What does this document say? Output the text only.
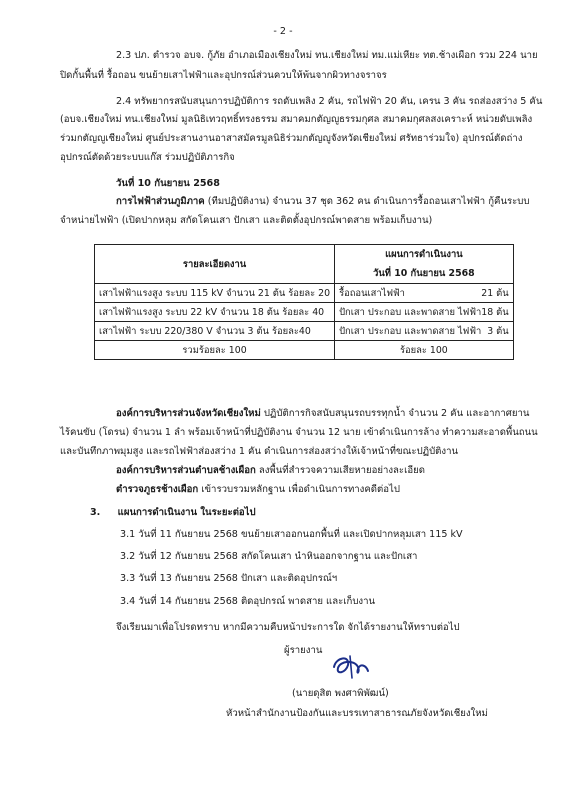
- 2 -
2.3 ปภ. ตำรวจ อบจ. กู้ภัย อำเภอเมืองเชียงใหม่ ทน.เชียงใหม่ ทม.แม่เหียะ ทต.ช้างเผือก รวม 224 นาย
ปิดกั้นพื้นที่ รื้อถอน ขนย้ายเสาไฟฟ้าและอุปกรณ์ส่วนควบให้พ้นจากผิวทางจราจร
2.4 ทรัพยากรสนับสนุนการปฏิบัติการ รถดับเพลิง 2 คัน, รถไฟฟ้า 20 คัน, เครน 3 คัน รถส่องสว่าง 5 คัน
(อบจ.เชียงใหม่ ทน.เชียงใหม่ มูลนิธิเทวฤทธิ์ทรงธรรม สมาคมกตัญญูธรรมกุศล สมาคมกุศลสงเคราะห์ หน่วยดับเพลิง
ร่วมกตัญญูเชียงใหม่ ศูนย์ประสานงานอาสาสมัครมูลนิธิร่วมกตัญญูจังหวัดเชียงใหม่ ศรัทธาร่วมใจ) อุปกรณ์ตัดถ่าง
อุปกรณ์ตัดด้วยระบบแก๊ส ร่วมปฏิบัติภารกิจ
วันที่ 10 กันยายน 2568
การไฟฟ้าส่วนภูมิภาค (ทีมปฏิบัติงาน) จำนวน 37 ชุด 362 คน ดำเนินการรื้อถอนเสาไฟฟ้า กู้คืนระบบ
จำหน่ายไฟฟ้า (เปิดปากหลุม สกัดโคนเสา ปักเสา และติดตั้งอุปกรณ์พาดสาย พร้อมเก็บงาน)
รายละเอียดงาน	แผนการดำเนินงาน
วันที่ 10 กันยายน 2568

เสาไฟฟ้าแรงสูง ระบบ 115 kV จำนวน 21 ต้น ร้อยละ 20	รื้อถอนเสาไฟฟ้า 21 ต้น

เสาไฟฟ้าแรงสูง ระบบ 22 kV จำนวน 18 ต้น ร้อยละ 40	ปักเสา ประกอบ และพาดสาย ไฟฟ้า 18 ต้น

เสาไฟฟ้า ระบบ 220/380 V จำนวน 3 ต้น ร้อยละ40	ปักเสา ประกอบ และพาดสาย ไฟฟ้า 3 ต้น

รวมร้อยละ 100	ร้อยละ 100
องค์การบริหารส่วนจังหวัดเชียงใหม่ ปฏิบัติการกิจสนับสนุนรถบรรทุกน้ำ จำนวน 2 คัน และอากาศยาน
ไร้คนขับ (โดรน) จำนวน 1 ลำ พร้อมเจ้าหน้าที่ปฏิบัติงาน จำนวน 12 นาย เข้าดำเนินการล้าง ทำความสะอาดพื้นถนน
และบันทึกภาพมุมสูง และรถไฟฟ้าส่องสว่าง 1 คัน ดำเนินการส่องสว่างให้เจ้าหน้าที่ขณะปฏิบัติงาน
องค์การบริหารส่วนตำบลช้างเผือก ลงพื้นที่สำรวจความเสียหายอย่างละเอียด
ตำรวจภูธรช้างเผือก เข้ารวบรวมหลักฐาน เพื่อดำเนินการทางคดีต่อไป
3. แผนการดำเนินงาน ในระยะต่อไป
3.1 วันที่ 11 กันยายน 2568 ขนย้ายเสาออกนอกพื้นที่ และเปิดปากหลุมเสา 115 kV
3.2 วันที่ 12 กันยายน 2568 สกัดโคนเสา นำหินออกจากฐาน และปักเสา
3.3 วันที่ 13 กันยายน 2568 ปักเสา และติดอุปกรณ์ฯ
3.4 วันที่ 14 กันยายน 2568 ติดอุปกรณ์ พาดสาย และเก็บงาน
จึงเรียนมาเพื่อโปรดทราบ หากมีความคืบหน้าประการใด จักได้รายงานให้ทราบต่อไป
ผู้รายงาน
(นายดุสิต พงศาพิพัฒน์)
หัวหน้าสำนักงานป้องกันและบรรเทาสาธารณภัยจังหวัดเชียงใหม่
